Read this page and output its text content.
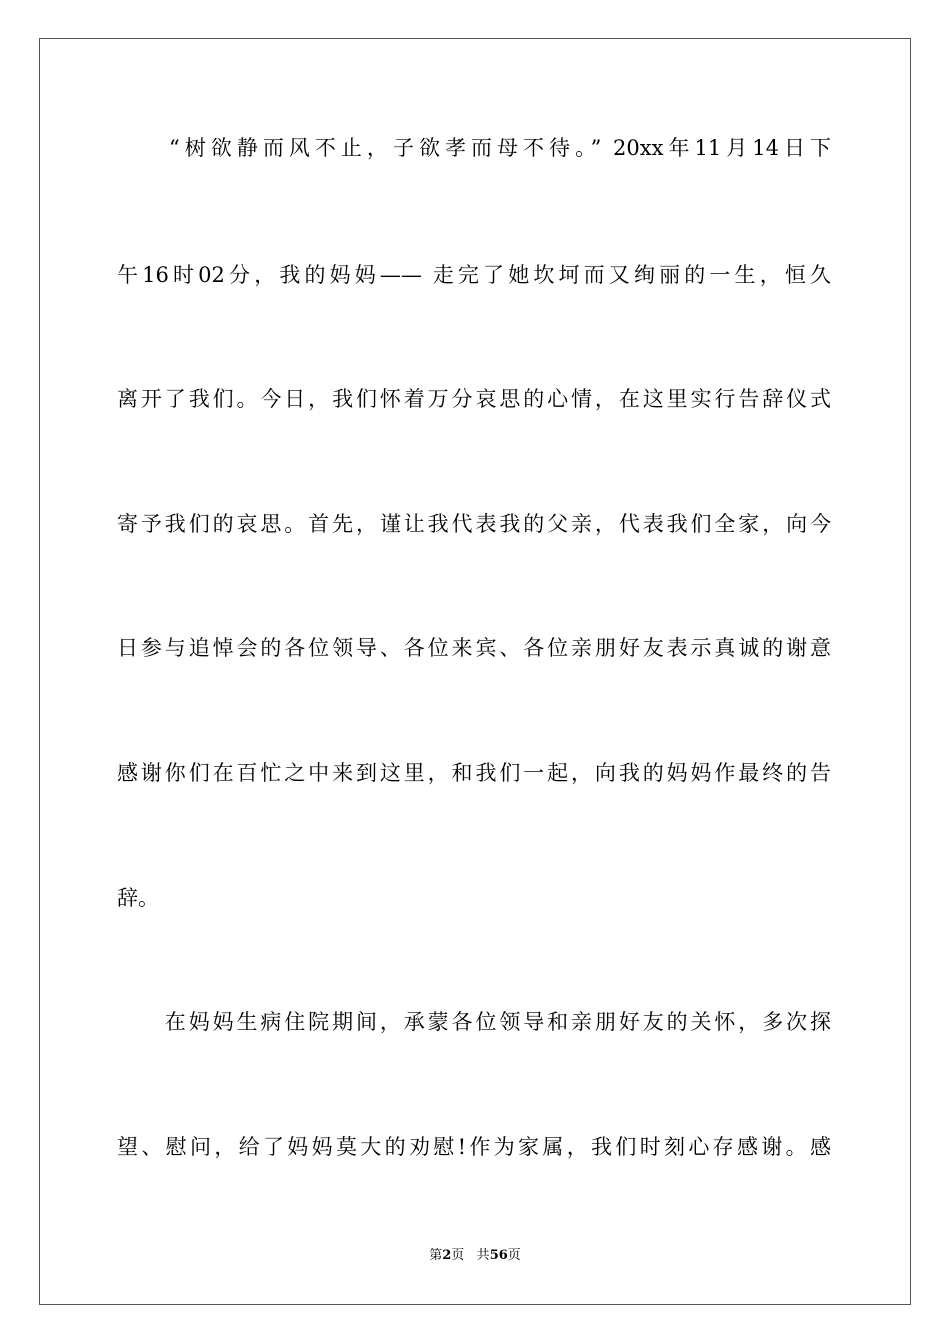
　　“树欲静而风不止，子欲孝而母不待。” 20xx年11月14日下
午16时02分，我的妈妈—— 走完了她坎坷而又绚丽的一生，恒久
离开了我们。今日，我们怀着万分哀思的心情，在这里实行告辞仪式
寄予我们的哀思。首先，谨让我代表我的父亲，代表我们全家，向今
日参与追悼会的各位领导、各位来宾、各位亲朋好友表示真诚的谢意
感谢你们在百忙之中来到这里，和我们一起，向我的妈妈作最终的告
辞。
　　在妈妈生病住院期间，承蒙各位领导和亲朋好友的关怀，多次探
望、慰问，给了妈妈莫大的劝慰!作为家属，我们时刻心存感谢。感
第2页 共56页
